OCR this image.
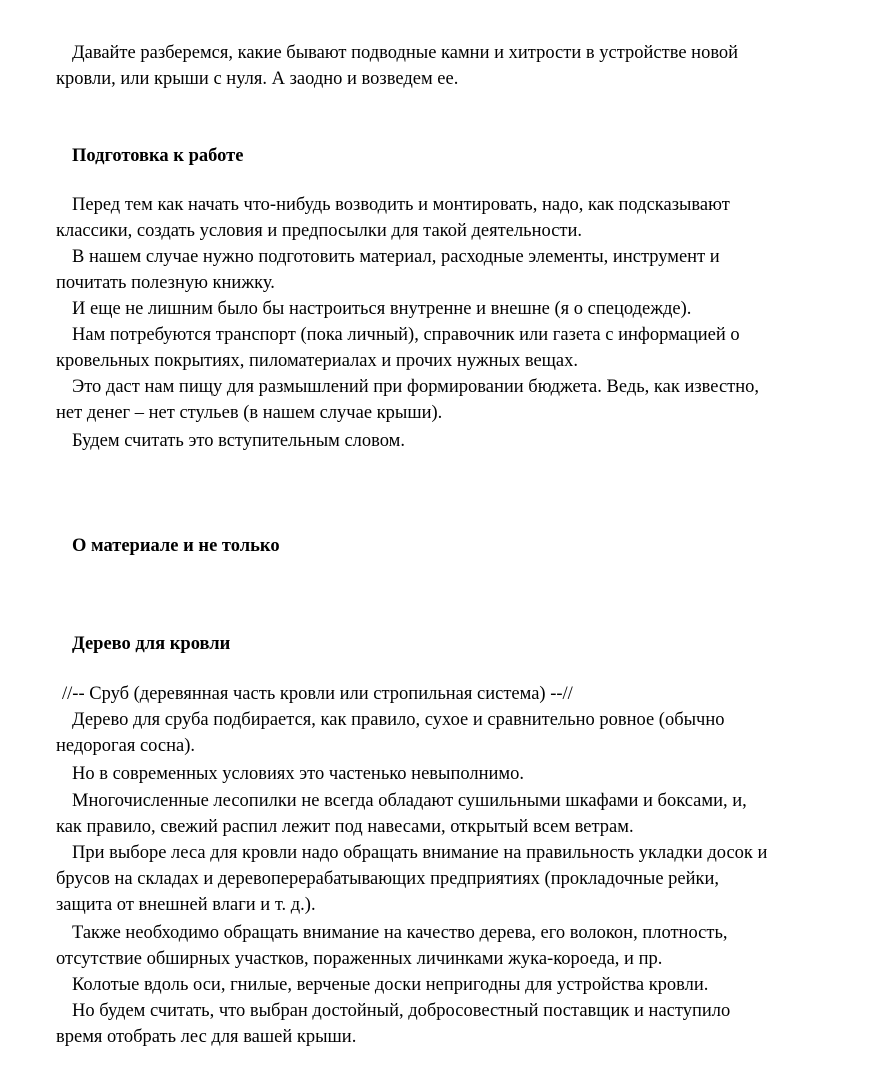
Давайте разберемся, какие бывают подводные камни и хитрости в устройстве новой
кровли, или крыши с нуля. А заодно и возведем ее.

Подготовка к работе

Перед тем как начать что-нибудь возводить и монтировать, надо, как подсказывают
классики, создать условия и предпосылки для такой деятельности.

В нашем случае нужно подготовить материал, расходные элементы, инструмент и
почитать полезную книжку.

И еще не лишним было бы настроиться внутренне и внешне (я о спецодежде).

Нам потребуются транспорт (пока личный), справочник или газета с информацией о
кровельных покрытиях, пиломатериалах и прочих нужных вещах.

Это даст нам пищу для размышлений при формировании бюджета. Ведь, как известно,
нет денег – нет стульев (в нашем случае крыши).

Будем считать это вступительным словом.

О материале и не только
Дерево для кровли

//-- Сруб (деревянная часть кровли или стропильная система) --//

Дерево для сруба подбирается, как правило, сухое и сравнительно ровное (обычно
недорогая сосна).

Но в современных условиях это частенько невыполнимо.

Многочисленные лесопилки не всегда обладают сушильными шкафами и боксами, и,
как правило, свежий распил лежит под навесами, открытый всем ветрам.

При выборе леса для кровли надо обращать внимание на правильность укладки досок и
брусов на складах и деревоперерабатывающих предприятиях (прокладочные рейки,
защита от внешней влаги и т. д.).

Также необходимо обращать внимание на качество дерева, его волокон, плотность,
отсутствие обширных участков, пораженных личинками жука-короеда, и пр.

Колотые вдоль оси, гнилые, верченые доски непригодны для устройства кровли.

Но будем считать, что выбран достойный, добросовестный поставщик и наступило
время отобрать лес для вашей крыши.
